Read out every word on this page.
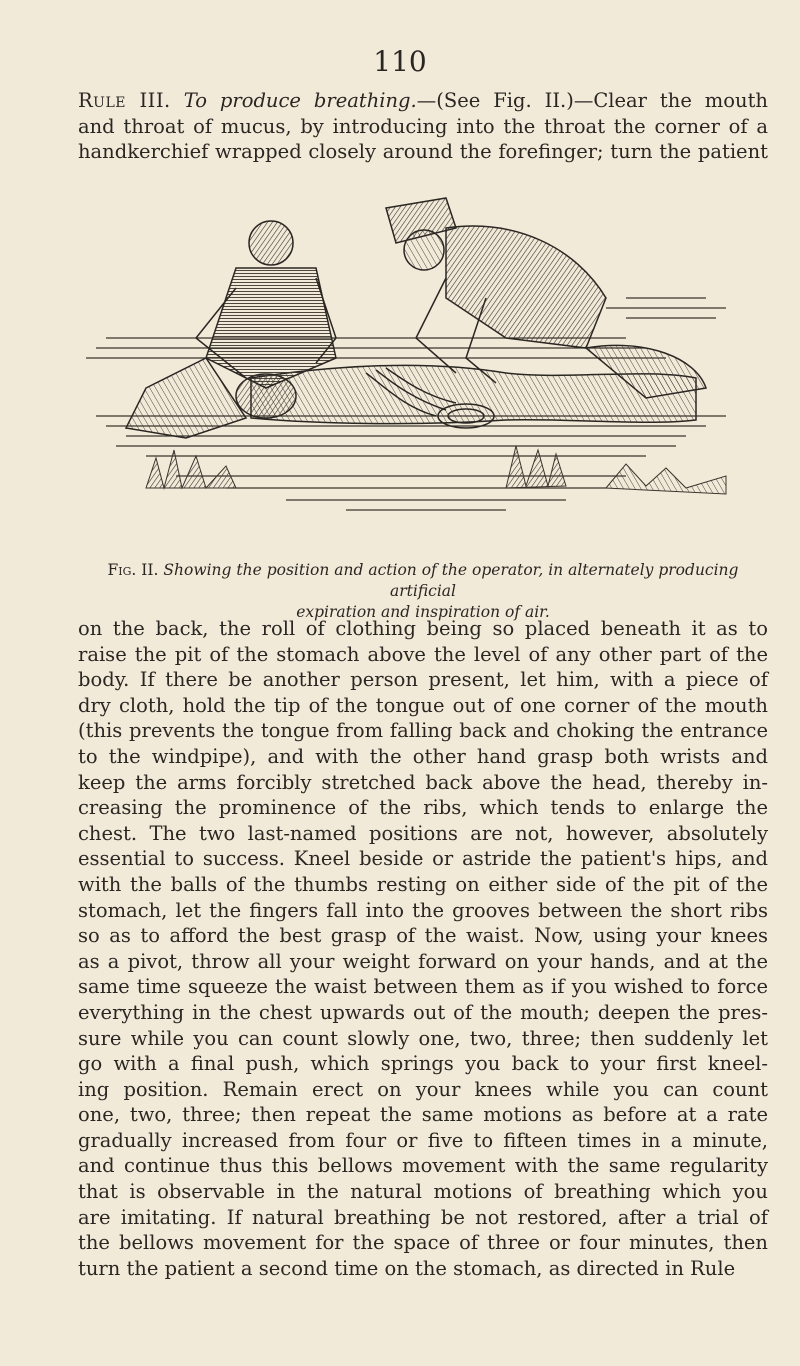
110
Rule III. To produce breathing.—(See Fig. II.)—Clear the mouth
and throat of mucus, by introducing into the throat the corner of a
handkerchief wrapped closely around the forefinger; turn the patient
Fig. II. Showing the position and action of the operator, in alternately producing artificial
expiration and inspiration of air.
on the back, the roll of clothing being so placed beneath it as to
raise the pit of the stomach above the level of any other part of the
body. If there be another person present, let him, with a piece of
dry cloth, hold the tip of the tongue out of one corner of the mouth
(this prevents the tongue from falling back and choking the entrance
to the windpipe), and with the other hand grasp both wrists and
keep the arms forcibly stretched back above the head, thereby in-
creasing the prominence of the ribs, which tends to enlarge the
chest. The two last-named positions are not, however, absolutely
essential to success. Kneel beside or astride the patient's hips, and
with the balls of the thumbs resting on either side of the pit of the
stomach, let the fingers fall into the grooves between the short ribs
so as to afford the best grasp of the waist. Now, using your knees
as a pivot, throw all your weight forward on your hands, and at the
same time squeeze the waist between them as if you wished to force
everything in the chest upwards out of the mouth; deepen the pres-
sure while you can count slowly one, two, three; then suddenly let
go with a final push, which springs you back to your first kneel-
ing position. Remain erect on your knees while you can count
one, two, three; then repeat the same motions as before at a rate
gradually increased from four or five to fifteen times in a minute,
and continue thus this bellows movement with the same regularity
that is observable in the natural motions of breathing which you
are imitating. If natural breathing be not restored, after a trial of
the bellows movement for the space of three or four minutes, then
turn the patient a second time on the stomach, as directed in Rule
